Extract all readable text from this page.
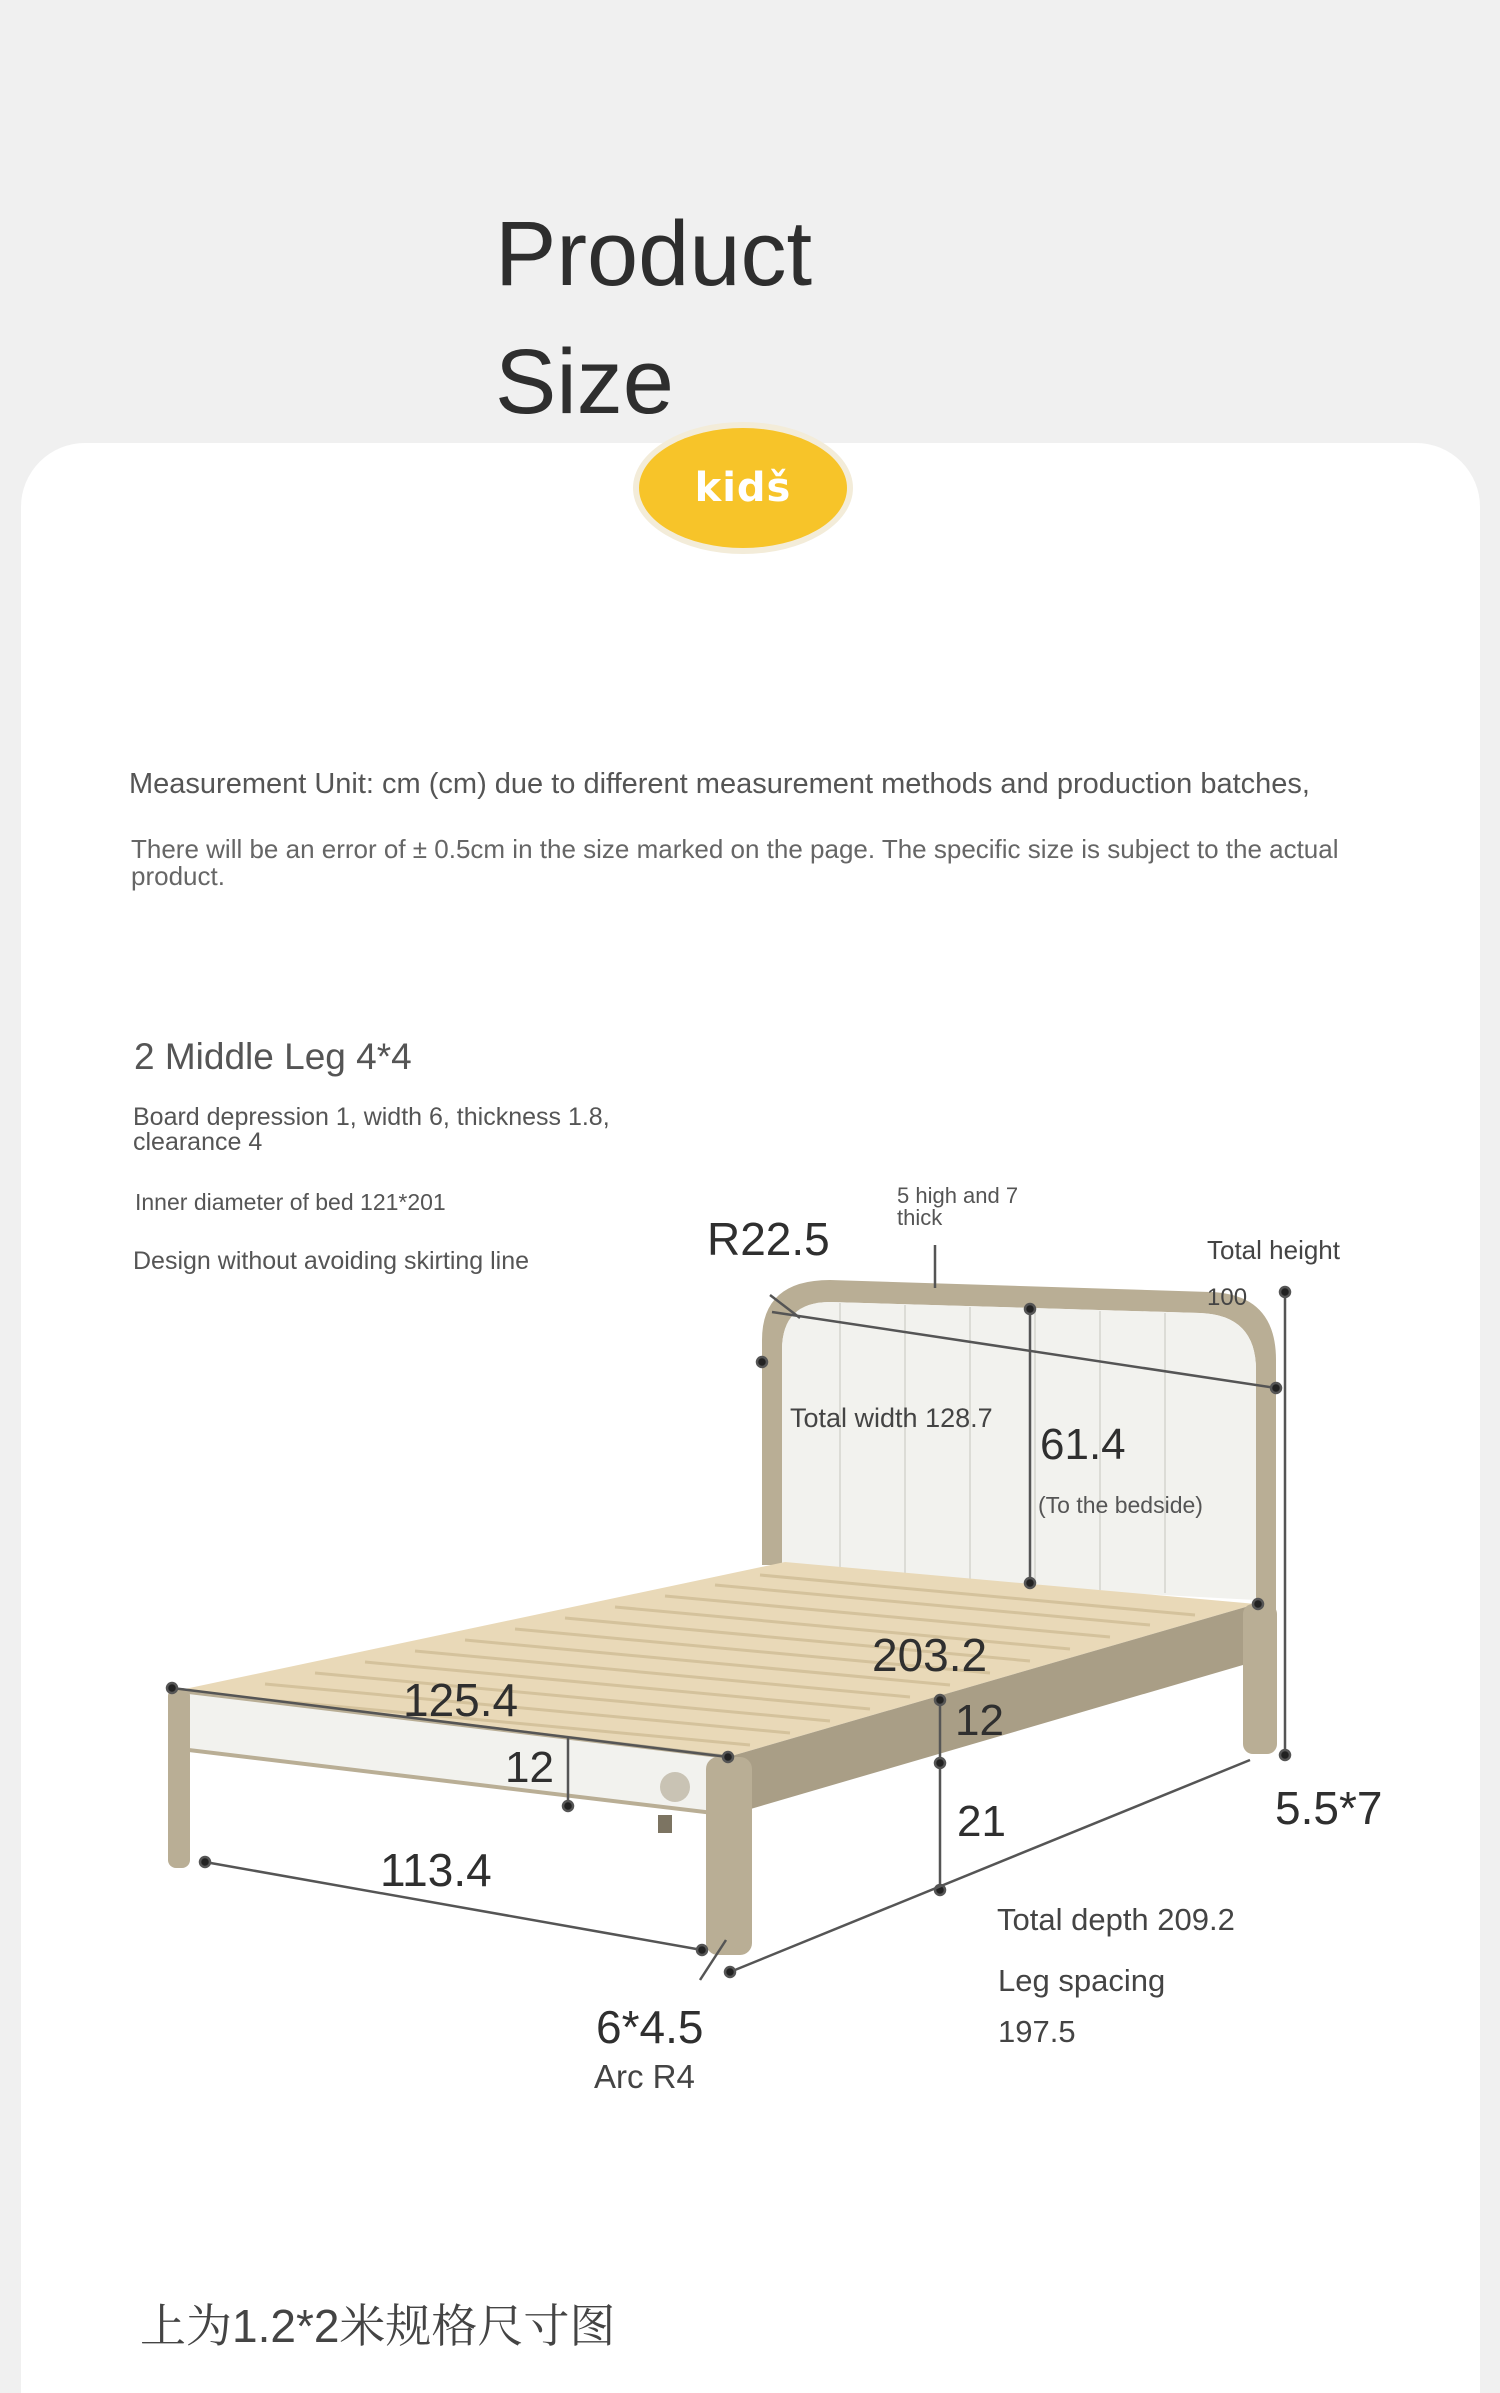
Product Size
kidš
Measurement Unit: cm (cm) due to different measurement methods and production batches,
There will be an error of ± 0.5cm in the size marked on the page. The specific size is subject to the actual product.
2 Middle Leg 4*4
Board depression 1, width 6, thickness 1.8, clearance 4
Inner diameter of bed 121*201
Design without avoiding skirting line	R22.5
5 high and 7 thick
Total height
100
Total width 128.7
61.4
(To the bedside)
203.2
12
125.4
12
21
113.4
5.5*7
Total depth 209.2
Leg spacing
197.5
6*4.5
Arc R4
上为1.2*2米规格尺寸图
